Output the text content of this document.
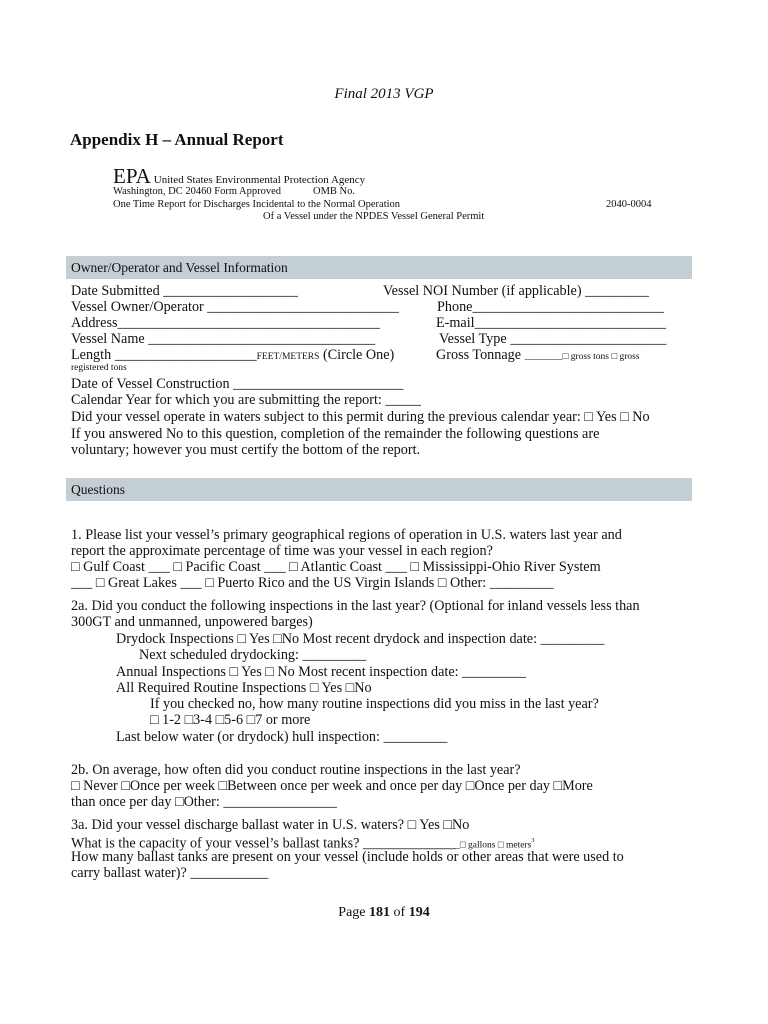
Final 2013 VGP
Appendix H – Annual Report
EPA United States Environmental Protection Agency
Washington, DC 20460 Form Approved	OMB No.
One Time Report for Discharges Incidental to the Normal Operation	2040-0004
Of a Vessel under the NPDES Vessel General Permit
Owner/Operator and Vessel Information
Date Submitted ___________________	Vessel NOI Number (if applicable) _________
Vessel Owner/Operator ___________________________	Phone___________________________
Address_____________________________________	E-mail___________________________
Vessel Name ________________________________	Vessel Type ______________________
Length ____________________FEET/METERS (Circle One)	Gross Tonnage ________□ gross tons □ gross
registered tons
Date of Vessel Construction ________________________
Calendar Year for which you are submitting the report: _____
Did your vessel operate in waters subject to this permit during the previous calendar year: □ Yes □ No
If you answered No to this question, completion of the remainder the following questions are
voluntary; however you must certify the bottom of the report.
Questions
1. Please list your vessel’s primary geographical regions of operation in U.S. waters last year and
report the approximate percentage of time was your vessel in each region?
□ Gulf Coast ___ □ Pacific Coast ___ □ Atlantic Coast ___ □ Mississippi-Ohio River System
___ □ Great Lakes ___ □ Puerto Rico and the US Virgin Islands □ Other: _________
2a. Did you conduct the following inspections in the last year? (Optional for inland vessels less than
300GT and unmanned, unpowered barges)
Drydock Inspections □ Yes □No Most recent drydock and inspection date: _________
Next scheduled drydocking: _________
Annual Inspections □ Yes □ No Most recent inspection date: _________
All Required Routine Inspections □ Yes □No
If you checked no, how many routine inspections did you miss in the last year?
□ 1-2 □3-4 □5-6 □7 or more
Last below water (or drydock) hull inspection: _________
2b. On average, how often did you conduct routine inspections in the last year?
□ Never □Once per week □Between once per week and once per day □Once per day □More
than once per day □Other: ________________
3a. Did your vessel discharge ballast water in U.S. waters? □ Yes □No
What is the capacity of your vessel’s ballast tanks? ______________□ gallons □ meters$^3$
How many ballast tanks are present on your vessel (include holds or other areas that were used to
carry ballast water)? ___________
Page 181 of 194
